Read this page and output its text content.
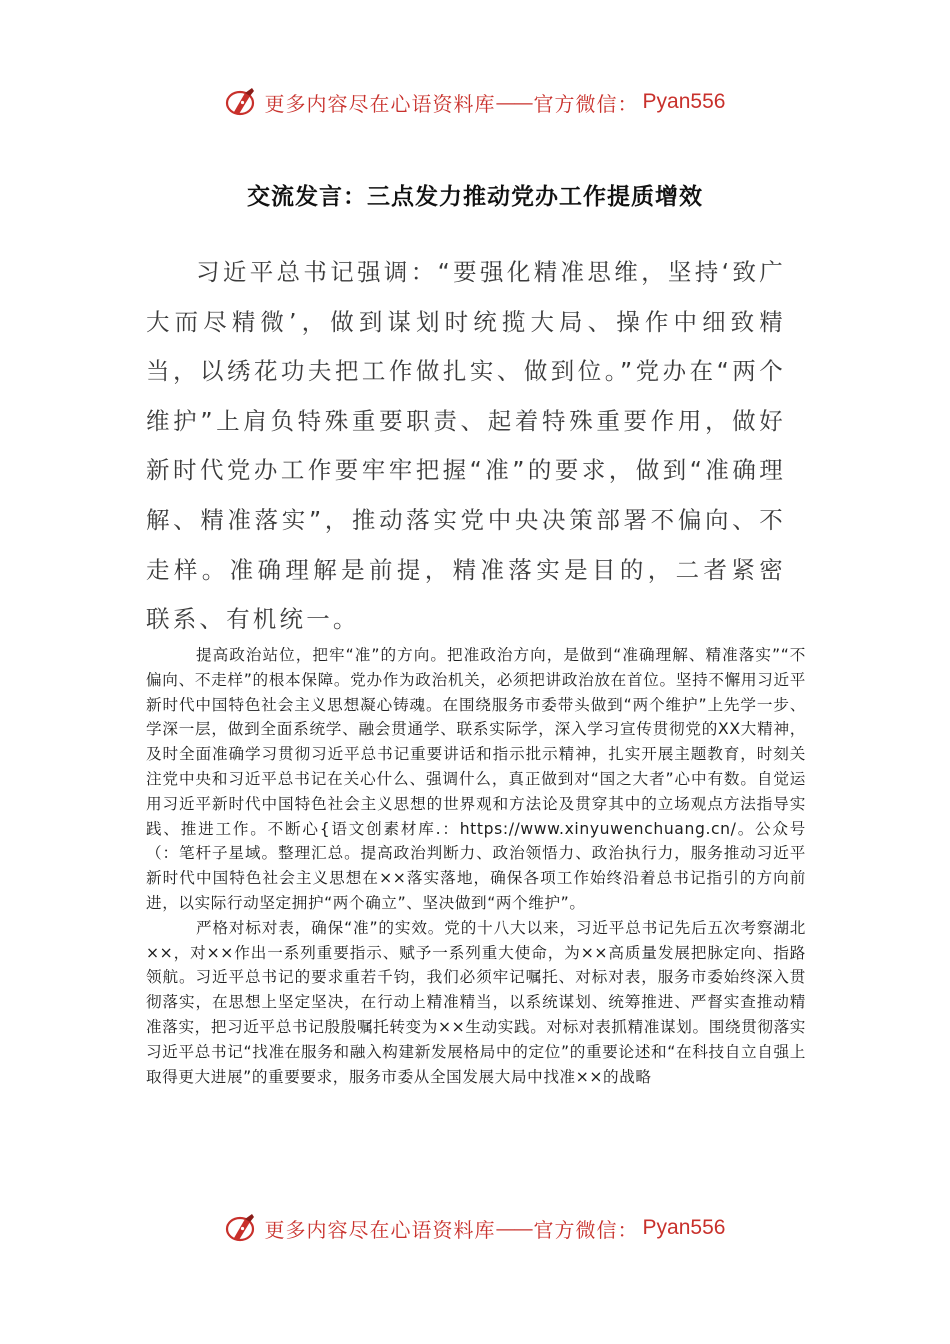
更多内容尽在心语资料库 —— 官方微信： Pyan556
交流发言：三点发力推动党办工作提质增效

习近平总书记强调：“要强化精准思维，坚持‘致广大而尽精微’，做到谋划时统揽大局、操作中细致精当，以绣花功夫把工作做扎实、做到位。”党办在“两个维护”上肩负特殊重要职责、起着特殊重要作用，做好新时代党办工作要牢牢把握“准”的要求，做到“准确理解、精准落实”，推动落实党中央决策部署不偏向、不走样。准确理解是前提，精准落实是目的，二者紧密联系、有机统一。

提高政治站位，把牢“准”的方向。把准政治方向，是做到“准确理解、精准落实”“不偏向、不走样”的根本保障。党办作为政治机关，必须把讲政治放在首位。坚持不懈用习近平新时代中国特色社会主义思想凝心铸魂。在围绕服务市委带头做到“两个维护”上先学一步、学深一层，做到全面系统学、融会贯通学、联系实际学，深入学习宣传贯彻党的XX大精神，及时全面准确学习贯彻习近平总书记重要讲话和指示批示精神，扎实开展主题教育，时刻关注党中央和习近平总书记在关心什么、强调什么，真正做到对“国之大者”心中有数。自觉运用习近平新时代中国特色社会主义思想的世界观和方法论及贯穿其中的立场观点方法指导实践、推进工作。不断心{语文创素材库.：https://www.xinyuwenchuang.cn/。公众号（：笔杆子星域。整理汇总。提高政治判断力、政治领悟力、政治执行力，服务推动习近平新时代中国特色社会主义思想在××落实落地，确保各项工作始终沿着总书记指引的方向前进，以实际行动坚定拥护“两个确立”、坚决做到“两个维护”。

严格对标对表，确保“准”的实效。党的十八大以来，习近平总书记先后五次考察湖北××，对××作出一系列重要指示、赋予一系列重大使命，为××高质量发展把脉定向、指路领航。习近平总书记的要求重若千钧，我们必须牢记嘱托、对标对表，服务市委始终深入贯彻落实，在思想上坚定坚决，在行动上精准精当，以系统谋划、统筹推进、严督实查推动精准落实，把习近平总书记殷殷嘱托转变为××生动实践。对标对表抓精准谋划。围绕贯彻落实习近平总书记“找准在服务和融入构建新发展格局中的定位”的重要论述和“在科技自立自强上取得更大进展”的重要要求，服务市委从全国发展大局中找准××的战略

更多内容尽在心语资料库 —— 官方微信： Pyan556
